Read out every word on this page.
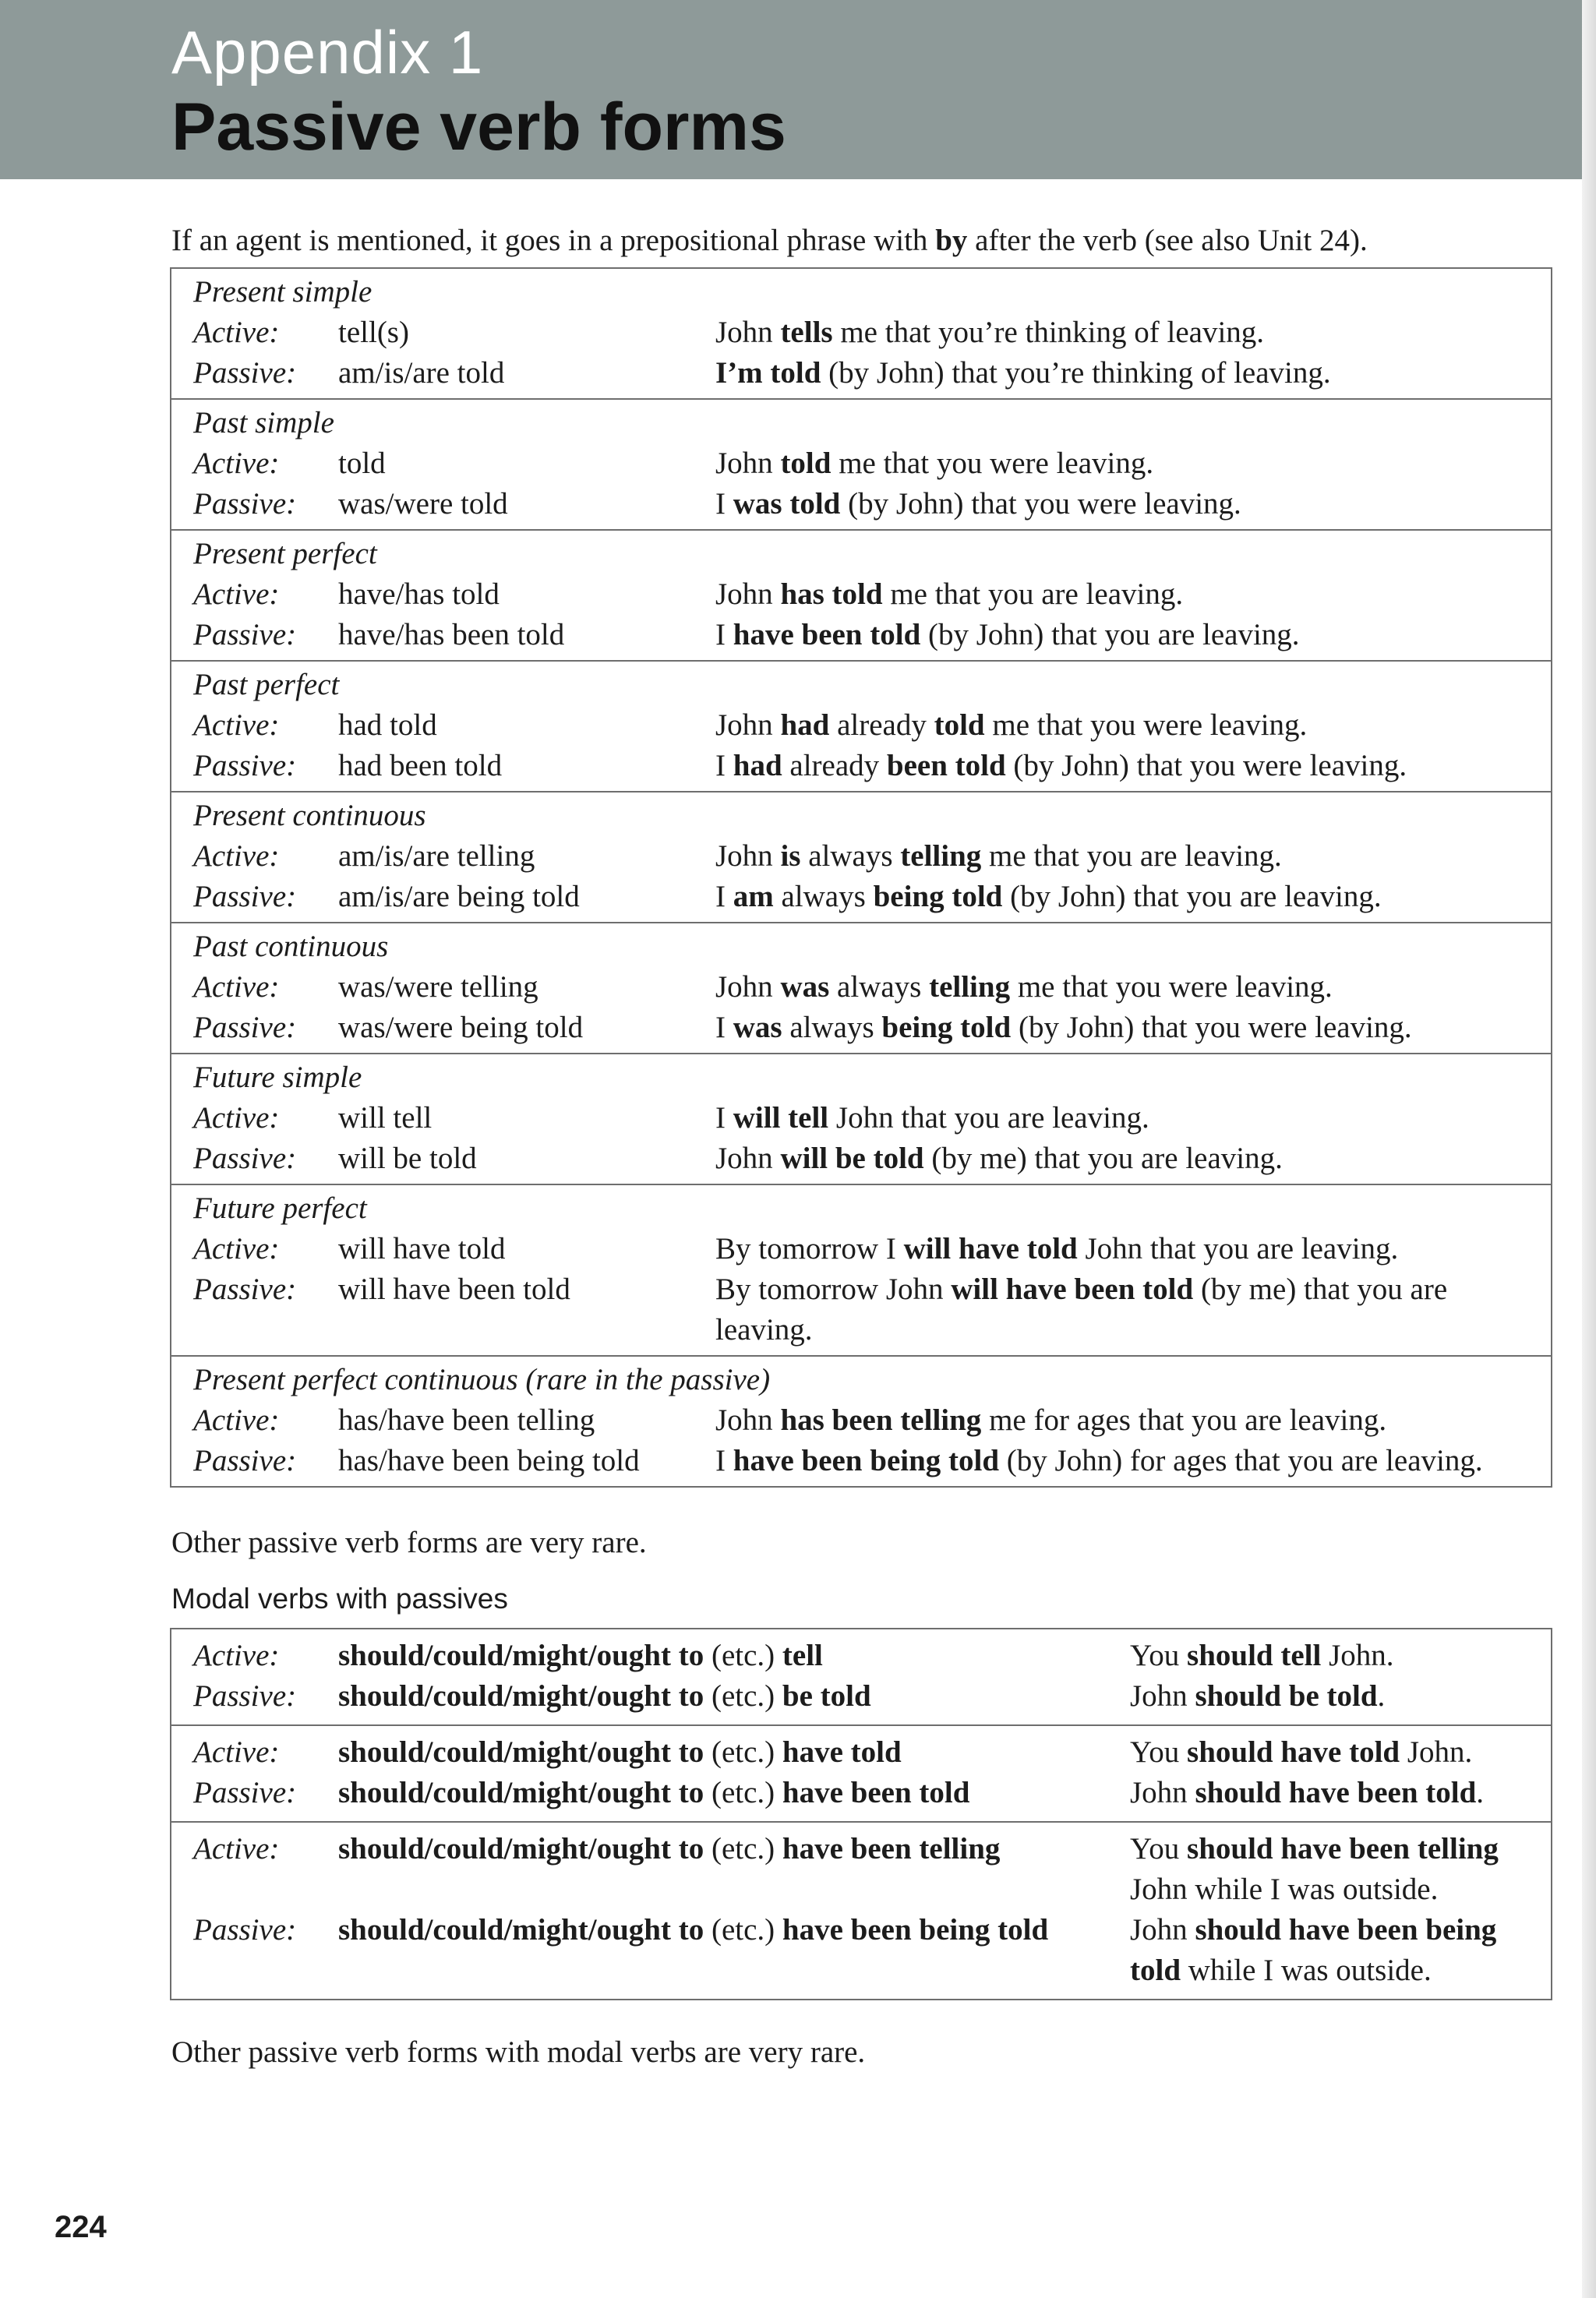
Appendix 1
Passive verb forms
If an agent is mentioned, it goes in a prepositional phrase with by after the verb (see also Unit 24).
Present simple
Active:	tell(s)	John tells me that you’re thinking of leaving.
Passive:	am/is/are told	I’m told (by John) that you’re thinking of leaving.
Past simple
Active:	told	John told me that you were leaving.
Passive:	was/were told	I was told (by John) that you were leaving.
Present perfect
Active:	have/has told	John has told me that you are leaving.
Passive:	have/has been told	I have been told (by John) that you are leaving.
Past perfect
Active:	had told	John had already told me that you were leaving.
Passive:	had been told	I had already been told (by John) that you were leaving.
Present continuous
Active:	am/is/are telling	John is always telling me that you are leaving.
Passive:	am/is/are being told	I am always being told (by John) that you are leaving.
Past continuous
Active:	was/were telling	John was always telling me that you were leaving.
Passive:	was/were being told	I was always being told (by John) that you were leaving.
Future simple
Active:	will tell	I will tell John that you are leaving.
Passive:	will be told	John will be told (by me) that you are leaving.
Future perfect
Active:	will have told	By tomorrow I will have told John that you are leaving.
Passive:	will have been told	By tomorrow John will have been told (by me) that you are leaving.
Present perfect continuous (rare in the passive)
Active:	has/have been telling	John has been telling me for ages that you are leaving.
Passive:	has/have been being told	I have been being told (by John) for ages that you are leaving.
Other passive verb forms are very rare.
Modal verbs with passives
Active:	should/could/might/ought to (etc.) tell	You should tell John.
Passive:	should/could/might/ought to (etc.) be told	John should be told.
Active:	should/could/might/ought to (etc.) have told	You should have told John.
Passive:	should/could/might/ought to (etc.) have been told	John should have been told.
Active:	should/could/might/ought to (etc.) have been telling	You should have been telling John while I was outside.
Passive:	should/could/might/ought to (etc.) have been being told	John should have been being told while I was outside.
Other passive verb forms with modal verbs are very rare.
224
